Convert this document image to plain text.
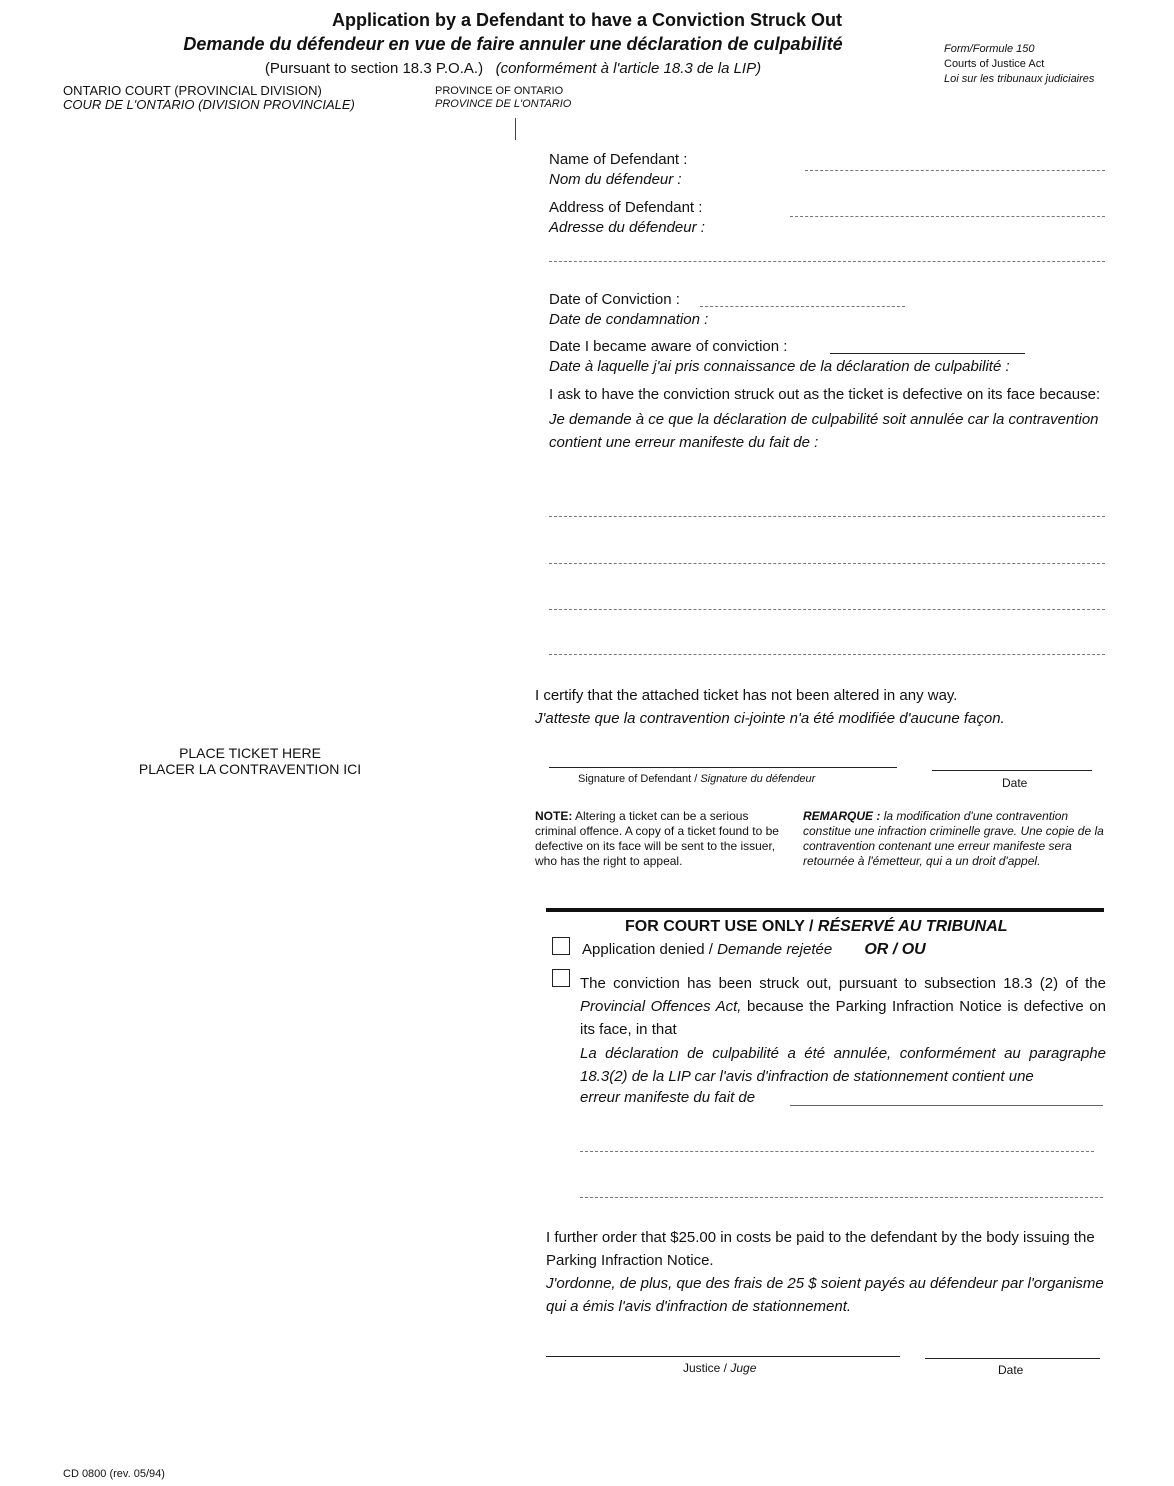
Application by a Defendant to have a Conviction Struck Out
Demande du défendeur en vue de faire annuler une déclaration de culpabilité
(Pursuant to section 18.3 P.O.A.) (conformément à l'article 18.3 de la LIP)
Form/Formule 150
Courts of Justice Act
Loi sur les tribunaux judiciaires
ONTARIO COURT (PROVINCIAL DIVISION)
COUR DE L'ONTARIO (DIVISION PROVINCIALE)
PROVINCE OF ONTARIO
PROVINCE DE L'ONTARIO
PLACE TICKET HERE
PLACER LA CONTRAVENTION ICI
Name of Defendant :
Nom du défendeur :
Address of Defendant :
Adresse du défendeur :
Date of Conviction :
Date de condamnation :
Date I became aware of conviction :
Date à laquelle j'ai pris connaissance de la déclaration de culpabilité :
I ask to have the conviction struck out as the ticket is defective on its face because:
Je demande à ce que la déclaration de culpabilité soit annulée car la contravention contient une erreur manifeste du fait de :
I certify that the attached ticket has not been altered in any way.
J'atteste que la contravention ci-jointe n'a été modifiée d'aucune façon.
Signature of Defendant / Signature du défendeur	Date
NOTE: Altering a ticket can be a serious criminal offence. A copy of a ticket found to be defective on its face will be sent to the issuer, who has the right to appeal.
REMARQUE : la modification d'une contravention constitue une infraction criminelle grave. Une copie de la contravention contenant une erreur manifeste sera retournée à l'émetteur, qui a un droit d'appel.
FOR COURT USE ONLY / RÉSERVÉ AU TRIBUNAL
Application denied / Demande rejetée OR / OU
The conviction has been struck out, pursuant to subsection 18.3 (2) of the Provincial Offences Act, because the Parking Infraction Notice is defective on its face, in that
La déclaration de culpabilité a été annulée, conformément au paragraphe 18.3(2) de la LIP car l'avis d'infraction de stationnement contient une
erreur manifeste du fait de
I further order that $25.00 in costs be paid to the defendant by the body issuing the Parking Infraction Notice.
J'ordonne, de plus, que des frais de 25 $ soient payés au défendeur par l'organisme qui a émis l'avis d'infraction de stationnement.
Justice / Juge	Date
CD 0800 (rev. 05/94)
